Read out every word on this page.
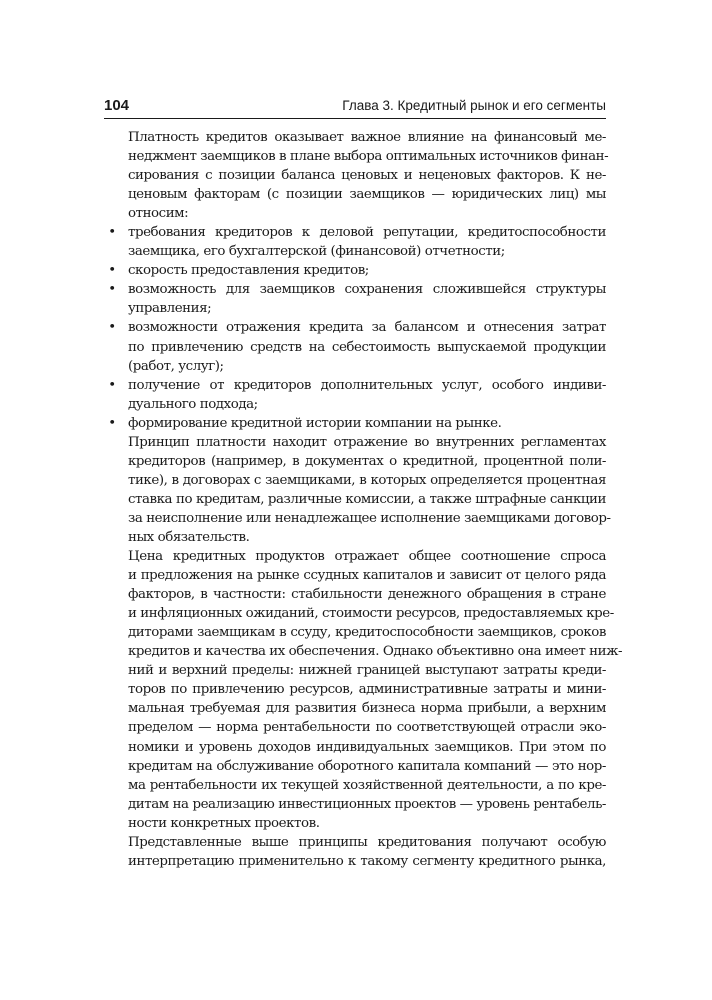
104	Глава 3. Кредитный рынок и его сегменты

Платность кредитов оказывает важное влияние на финансовый ме-
неджмент заемщиков в плане выбора оптимальных источников финан-
сирования с позиции баланса ценовых и неценовых факторов. К не-
ценовым факторам (с позиции заемщиков — юридических лиц) мы
относим:

• требования кредиторов к деловой репутации, кредитоспособности
заемщика, его бухгалтерской (финансовой) отчетности;
• скорость предоставления кредитов;
• возможность для заемщиков сохранения сложившейся структуры
управления;
• возможности отражения кредита за балансом и отнесения затрат
по привлечению средств на себестоимость выпускаемой продукции
(работ, услуг);
• получение от кредиторов дополнительных услуг, особого индиви-
дуального подхода;
• формирование кредитной истории компании на рынке.

Принцип платности находит отражение во внутренних регламентах
кредиторов (например, в документах о кредитной, процентной поли-
тике), в договорах с заемщиками, в которых определяется процентная
ставка по кредитам, различные комиссии, а также штрафные санкции
за неисполнение или ненадлежащее исполнение заемщиками договор-
ных обязательств.

Цена кредитных продуктов отражает общее соотношение спроса
и предложения на рынке ссудных капиталов и зависит от целого ряда
факторов, в частности: стабильности денежного обращения в стране
и инфляционных ожиданий, стоимости ресурсов, предоставляемых кре-
диторами заемщикам в ссуду, кредитоспособности заемщиков, сроков
кредитов и качества их обеспечения. Однако объективно она имеет ниж-
ний и верхний пределы: нижней границей выступают затраты креди-
торов по привлечению ресурсов, административные затраты и мини-
мальная требуемая для развития бизнеса норма прибыли, а верхним
пределом — норма рентабельности по соответствующей отрасли эко-
номики и уровень доходов индивидуальных заемщиков. При этом по
кредитам на обслуживание оборотного капитала компаний — это нор-
ма рентабельности их текущей хозяйственной деятельности, а по кре-
дитам на реализацию инвестиционных проектов — уровень рентабель-
ности конкретных проектов.

Представленные выше принципы кредитования получают особую
интерпретацию применительно к такому сегменту кредитного рынка,
